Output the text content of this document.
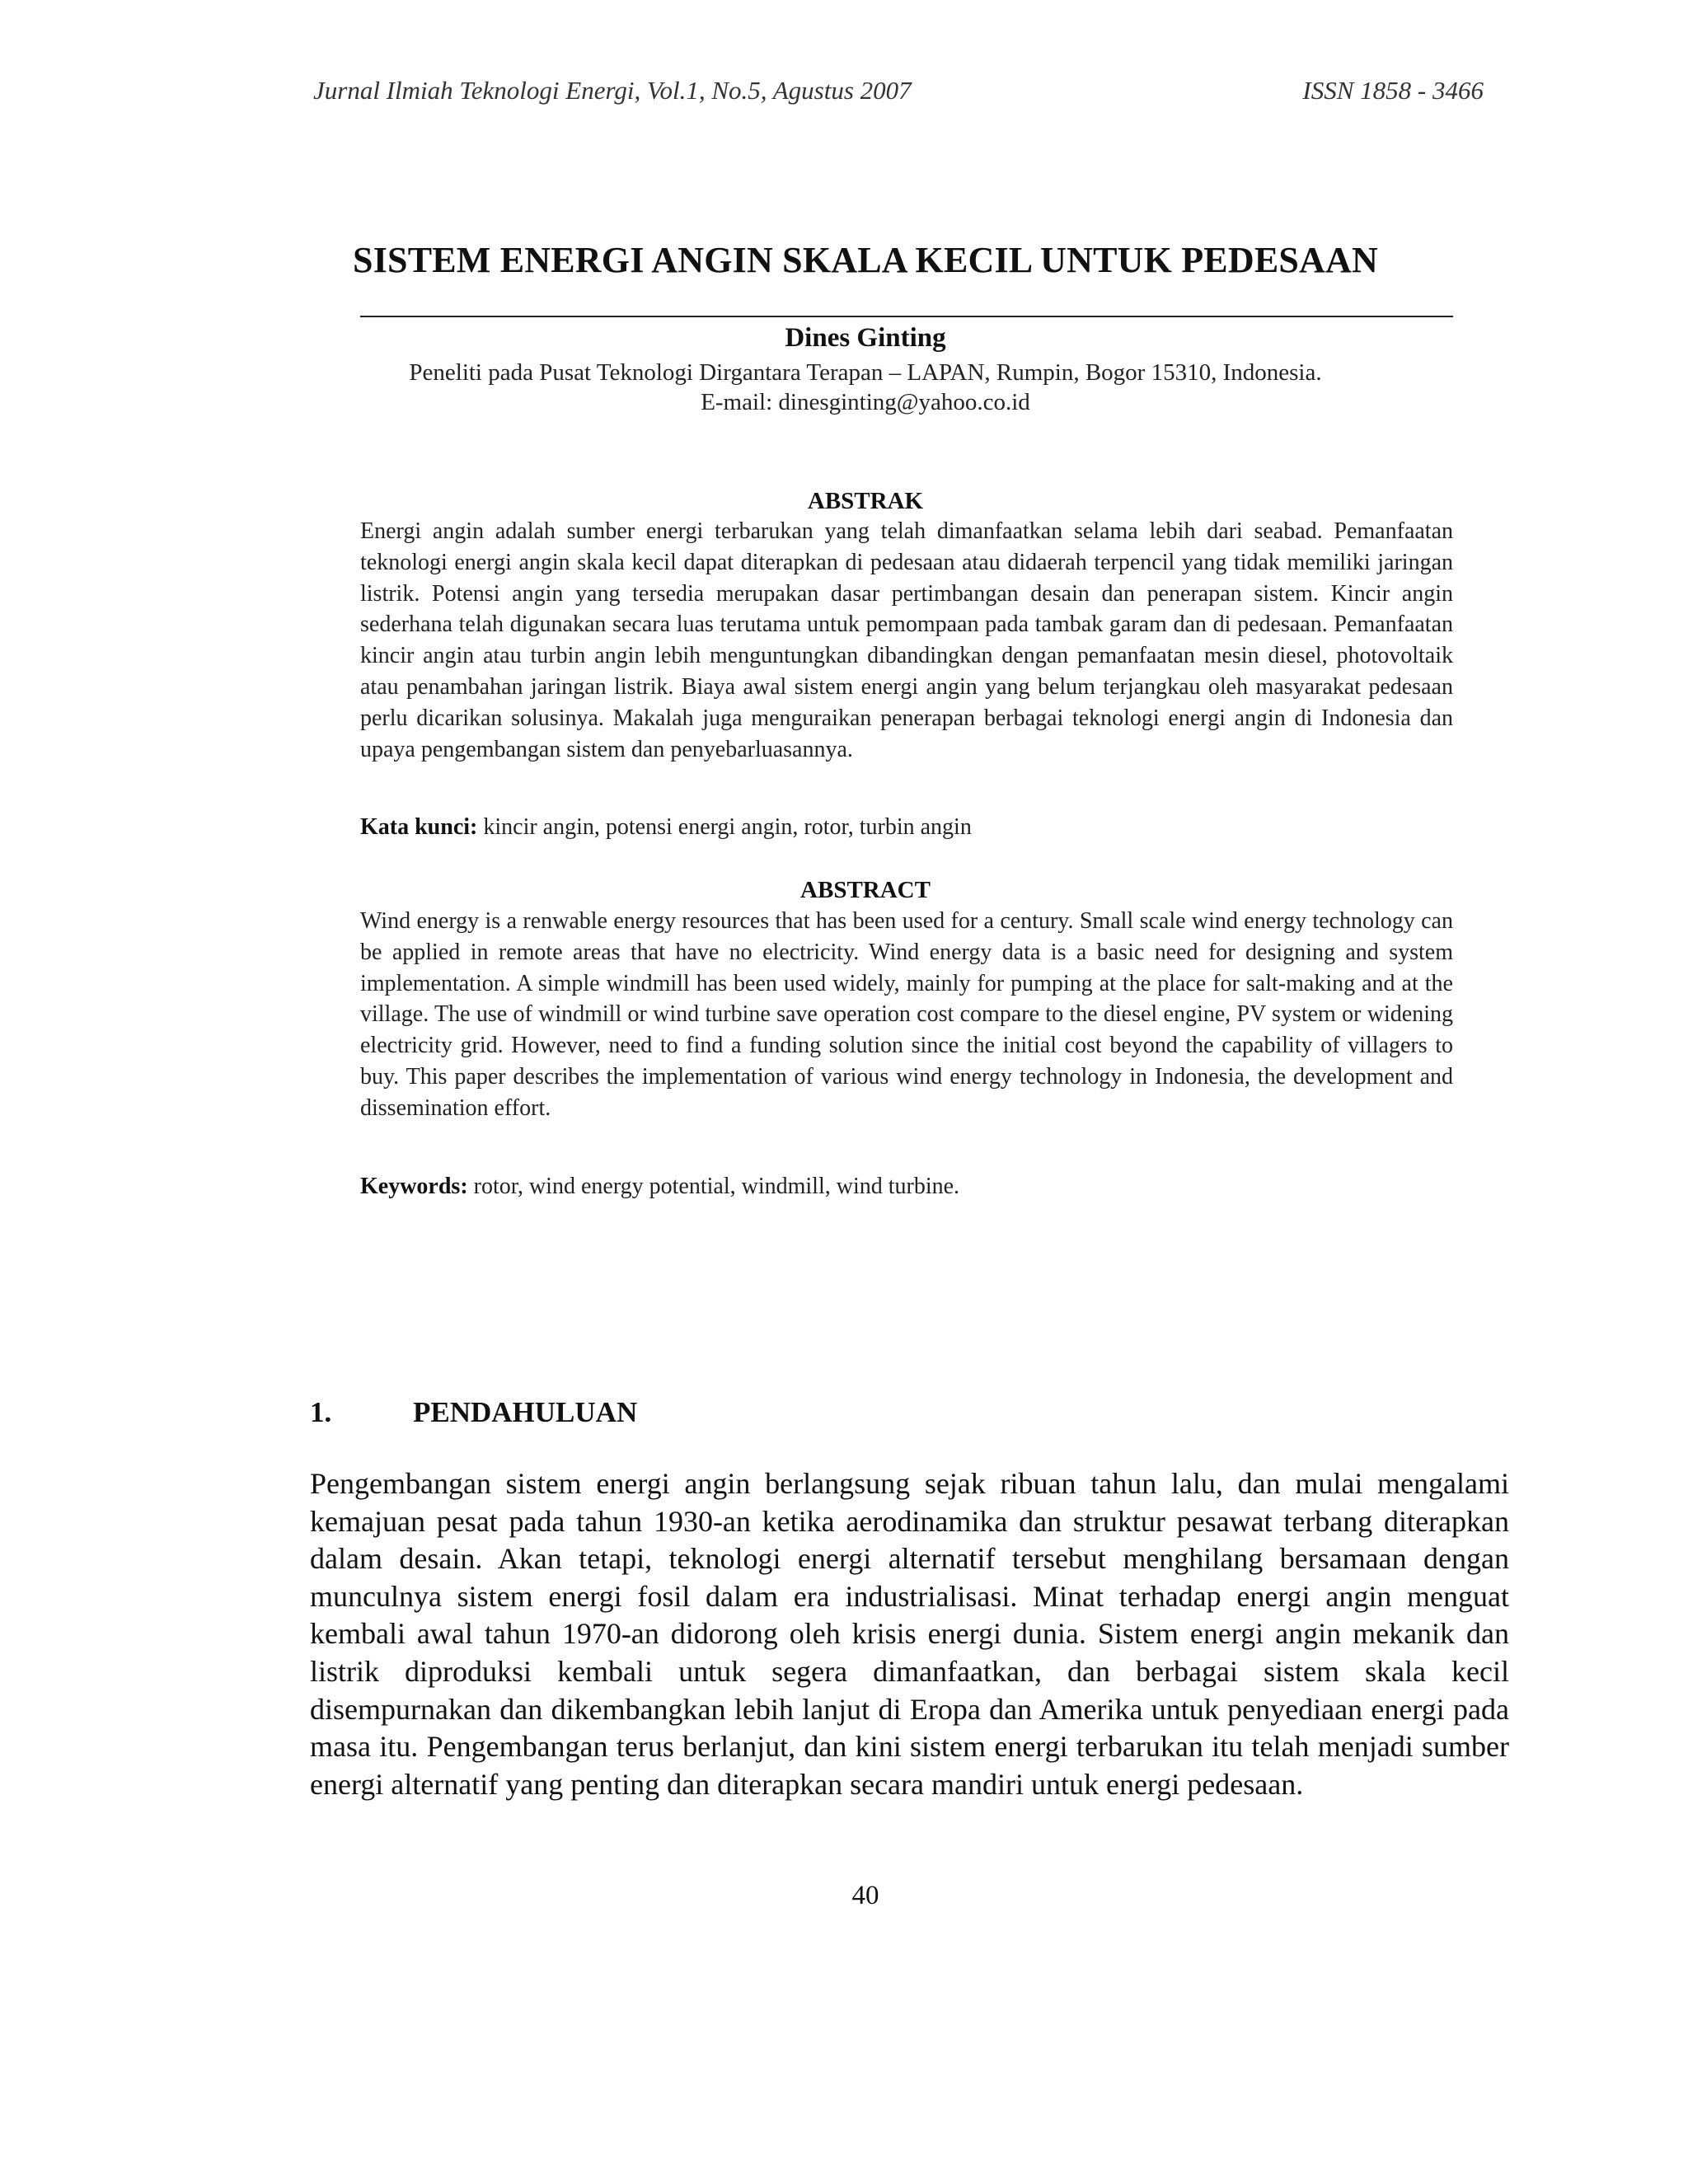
Jurnal Ilmiah Teknologi Energi, Vol.1, No.5, Agustus 2007	ISSN 1858 - 3466
SISTEM ENERGI ANGIN SKALA KECIL UNTUK PEDESAAN
Dines Ginting
Peneliti pada Pusat Teknologi Dirgantara Terapan – LAPAN, Rumpin, Bogor 15310, Indonesia.
E-mail: dinesginting@yahoo.co.id
ABSTRAK
Energi angin adalah sumber energi terbarukan yang telah dimanfaatkan selama lebih dari seabad. Pemanfaatan teknologi energi angin skala kecil dapat diterapkan di pedesaan atau didaerah terpencil yang tidak memiliki jaringan listrik. Potensi angin yang tersedia merupakan dasar pertimbangan desain dan penerapan sistem. Kincir angin sederhana telah digunakan secara luas terutama untuk pemompaan pada tambak garam dan di pedesaan. Pemanfaatan kincir angin atau turbin angin lebih menguntungkan dibandingkan dengan pemanfaatan mesin diesel, photovoltaik atau penambahan jaringan listrik. Biaya awal sistem energi angin yang belum terjangkau oleh masyarakat pedesaan perlu dicarikan solusinya. Makalah juga menguraikan penerapan berbagai teknologi energi angin di Indonesia dan upaya pengembangan sistem dan penyebarluasannya.
Kata kunci: kincir angin, potensi energi angin, rotor, turbin angin
ABSTRACT
Wind energy is a renwable energy resources that has been used for a century. Small scale wind energy technology can be applied in remote areas that have no electricity. Wind energy data is a basic need for designing and system implementation. A simple windmill has been used widely, mainly for pumping at the place for salt-making and at the village. The use of windmill or wind turbine save operation cost compare to the diesel engine, PV system or widening electricity grid. However, need to find a funding solution since the initial cost beyond the capability of villagers to buy. This paper describes the implementation of various wind energy technology in Indonesia, the development and dissemination effort.
Keywords: rotor, wind energy potential, windmill, wind turbine.
1.	PENDAHULUAN
Pengembangan sistem energi angin berlangsung sejak ribuan tahun lalu, dan mulai mengalami kemajuan pesat pada tahun 1930-an ketika aerodinamika dan struktur pesawat terbang diterapkan dalam desain. Akan tetapi, teknologi energi alternatif tersebut menghilang bersamaan dengan munculnya sistem energi fosil dalam era industrialisasi. Minat terhadap energi angin menguat kembali awal tahun 1970-an didorong oleh krisis energi dunia. Sistem energi angin mekanik dan listrik diproduksi kembali untuk segera dimanfaatkan, dan berbagai sistem skala kecil disempurnakan dan dikembangkan lebih lanjut di Eropa dan Amerika untuk penyediaan energi pada masa itu. Pengembangan terus berlanjut, dan kini sistem energi terbarukan itu telah menjadi sumber energi alternatif yang penting dan diterapkan secara mandiri untuk energi pedesaan.
40
